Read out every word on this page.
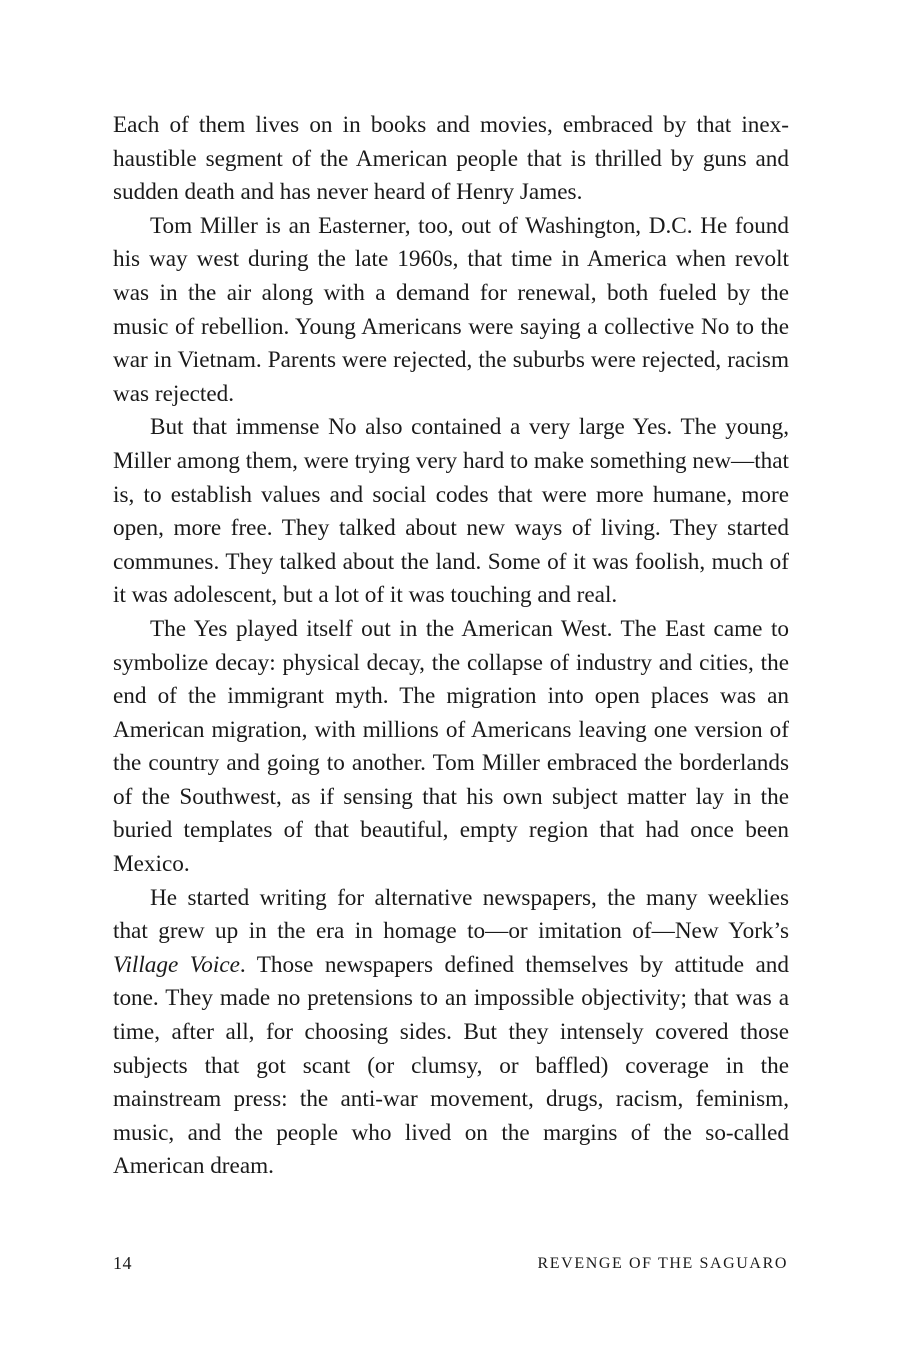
Each of them lives on in books and movies, embraced by that inexhaustible segment of the American people that is thrilled by guns and sudden death and has never heard of Henry James.

Tom Miller is an Easterner, too, out of Washington, D.C. He found his way west during the late 1960s, that time in America when revolt was in the air along with a demand for renewal, both fueled by the music of rebellion. Young Americans were saying a collective No to the war in Vietnam. Parents were rejected, the suburbs were rejected, racism was rejected.

But that immense No also contained a very large Yes. The young, Miller among them, were trying very hard to make something new—that is, to establish values and social codes that were more humane, more open, more free. They talked about new ways of living. They started communes. They talked about the land. Some of it was foolish, much of it was adolescent, but a lot of it was touching and real.

The Yes played itself out in the American West. The East came to symbolize decay: physical decay, the collapse of industry and cities, the end of the immigrant myth. The migration into open places was an American migration, with millions of Americans leaving one version of the country and going to another. Tom Miller embraced the borderlands of the Southwest, as if sensing that his own subject matter lay in the buried templates of that beautiful, empty region that had once been Mexico.

He started writing for alternative newspapers, the many weeklies that grew up in the era in homage to—or imitation of—New York’s Village Voice. Those newspapers defined themselves by attitude and tone. They made no pretensions to an impossible objectivity; that was a time, after all, for choosing sides. But they intensely covered those subjects that got scant (or clumsy, or baffled) coverage in the mainstream press: the anti-war movement, drugs, racism, feminism, music, and the people who lived on the margins of the so-called American dream.

14	REVENGE OF THE SAGUARO
